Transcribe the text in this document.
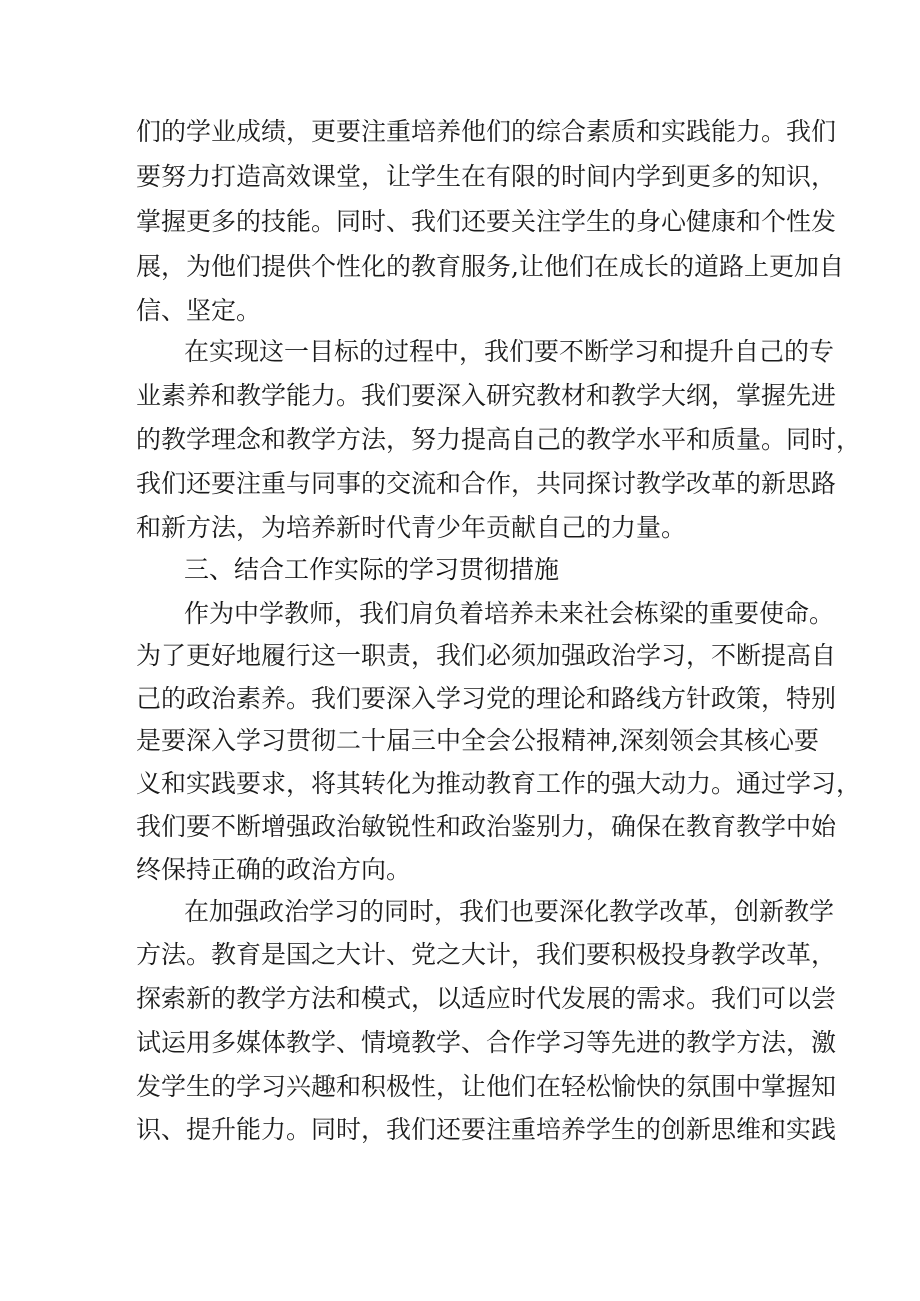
们的学业成绩，更要注重培养他们的综合素质和实践能力。我们
要努力打造高效课堂，让学生在有限的时间内学到更多的知识，
掌握更多的技能。同时、我们还要关注学生的身心健康和个性发
展，为他们提供个性化的教育服务,让他们在成长的道路上更加自
信、坚定。
在实现这一目标的过程中，我们要不断学习和提升自己的专
业素养和教学能力。我们要深入研究教材和教学大纲，掌握先进
的教学理念和教学方法，努力提高自己的教学水平和质量。同时，
我们还要注重与同事的交流和合作，共同探讨教学改革的新思路
和新方法，为培养新时代青少年贡献自己的力量。
三、结合工作实际的学习贯彻措施
作为中学教师，我们肩负着培养未来社会栋梁的重要使命。
为了更好地履行这一职责，我们必须加强政治学习，不断提高自
己的政治素养。我们要深入学习党的理论和路线方针政策，特别
是要深入学习贯彻二十届三中全会公报精神,深刻领会其核心要
义和实践要求，将其转化为推动教育工作的强大动力。通过学习，
我们要不断增强政治敏锐性和政治鉴别力，确保在教育教学中始
终保持正确的政治方向。
在加强政治学习的同时，我们也要深化教学改革，创新教学
方法。教育是国之大计、党之大计，我们要积极投身教学改革，
探索新的教学方法和模式，以适应时代发展的需求。我们可以尝
试运用多媒体教学、情境教学、合作学习等先进的教学方法，激
发学生的学习兴趣和积极性，让他们在轻松愉快的氛围中掌握知
识、提升能力。同时，我们还要注重培养学生的创新思维和实践
